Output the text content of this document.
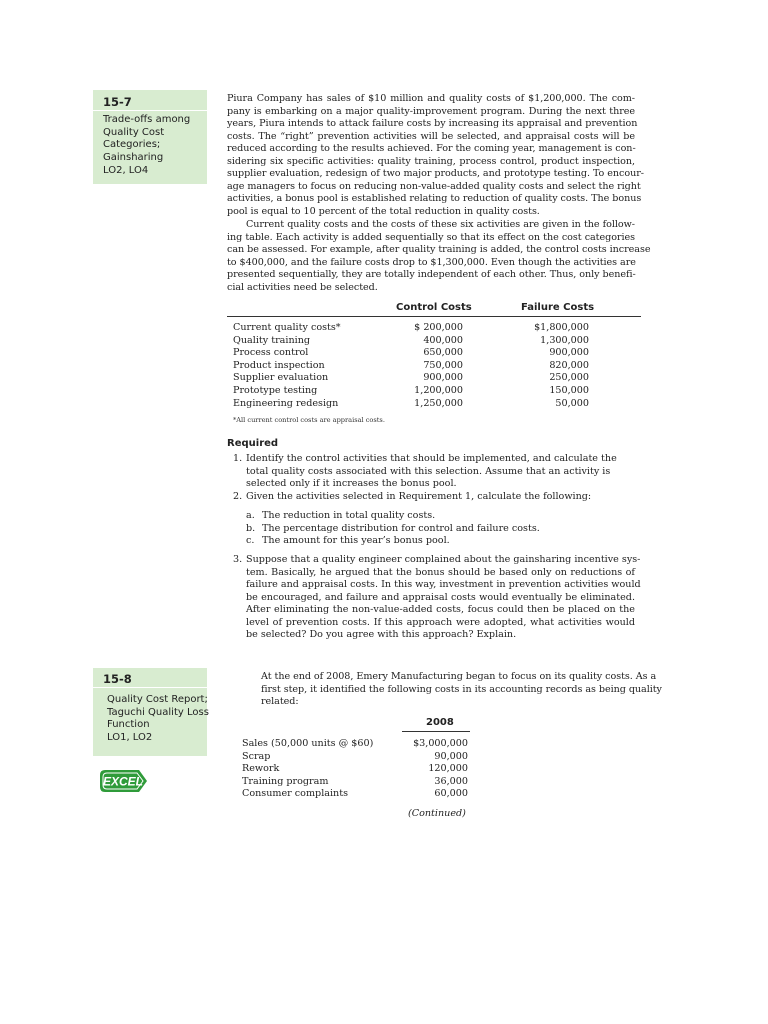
15-7
Trade-offs among
Quality Cost
Categories;
Gainsharing
LO2, LO4
Piura Company has sales of $10 million and quality costs of $1,200,000. The com-
pany is embarking on a major quality-improvement program. During the next three
years, Piura intends to attack failure costs by increasing its appraisal and prevention
costs. The “right” prevention activities will be selected, and appraisal costs will be
reduced according to the results achieved. For the coming year, management is con-
sidering six specific activities: quality training, process control, product inspection,
supplier evaluation, redesign of two major products, and prototype testing. To encour-
age managers to focus on reducing non-value-added quality costs and select the right
activities, a bonus pool is established relating to reduction of quality costs. The bonus
pool is equal to 10 percent of the total reduction in quality costs.
Current quality costs and the costs of these six activities are given in the follow-
ing table. Each activity is added sequentially so that its effect on the cost categories
can be assessed. For example, after quality training is added, the control costs increase
to $400,000, and the failure costs drop to $1,300,000. Even though the activities are
presented sequentially, they are totally independent of each other. Thus, only benefi-
cial activities need be selected.
Control Costs	Failure Costs
Current quality costs*	$ 200,000	$1,800,000
Quality training	400,000	1,300,000
Process control	650,000	900,000
Product inspection	750,000	820,000
Supplier evaluation	900,000	250,000
Prototype testing	1,200,000	150,000
Engineering redesign	1,250,000	50,000
*All current control costs are appraisal costs.
Required
1. Identify the control activities that should be implemented, and calculate the
total quality costs associated with this selection. Assume that an activity is
selected only if it increases the bonus pool.
2. Given the activities selected in Requirement 1, calculate the following:
a. The reduction in total quality costs.
b. The percentage distribution for control and failure costs.
c. The amount for this year’s bonus pool.
3. Suppose that a quality engineer complained about the gainsharing incentive sys-
tem. Basically, he argued that the bonus should be based only on reductions of
failure and appraisal costs. In this way, investment in prevention activities would
be encouraged, and failure and appraisal costs would eventually be eliminated.
After eliminating the non-value-added costs, focus could then be placed on the
level of prevention costs. If this approach were adopted, what activities would
be selected? Do you agree with this approach? Explain.
15-8
Quality Cost Report;
Taguchi Quality Loss
Function
LO1, LO2
EXCEL
At the end of 2008, Emery Manufacturing began to focus on its quality costs. As a
first step, it identified the following costs in its accounting records as being quality
related:
2008
Sales (50,000 units @ $60)	$3,000,000
Scrap	90,000
Rework	120,000
Training program	36,000
Consumer complaints	60,000
(Continued)
